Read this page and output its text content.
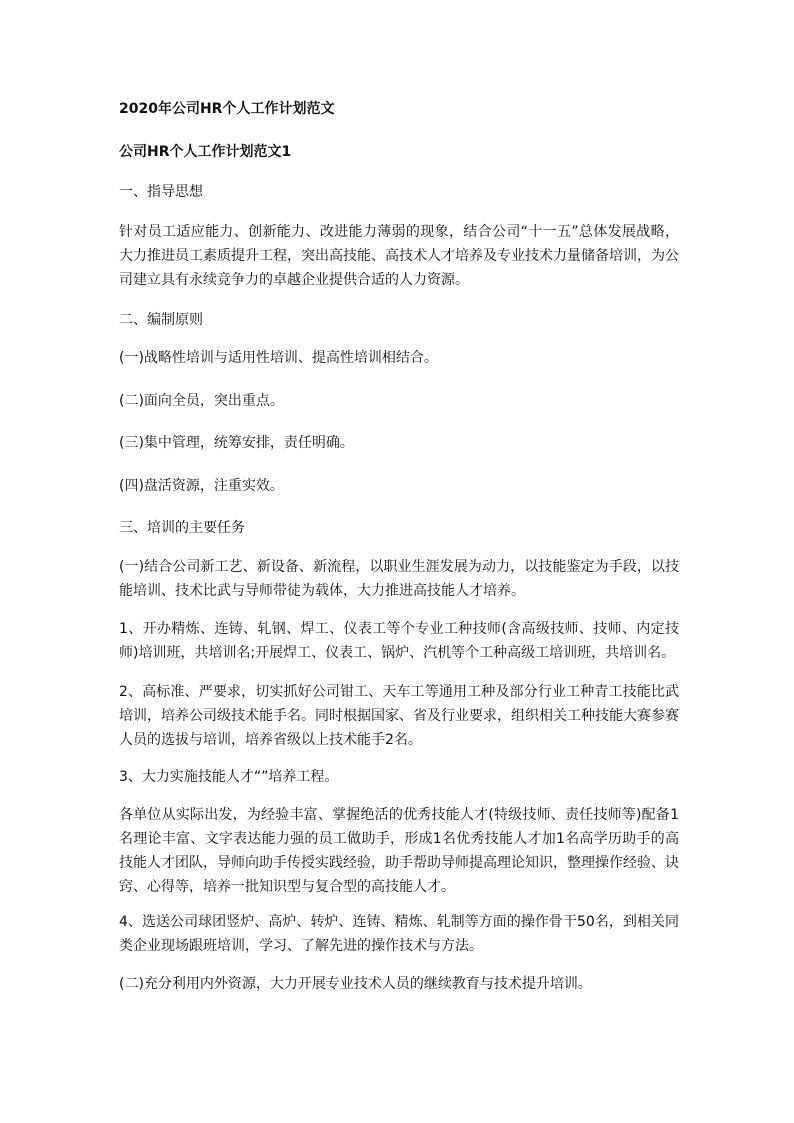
2020年公司HR个人工作计划范文
公司HR个人工作计划范文1
一、指导思想
针对员工适应能力、创新能力、改进能力薄弱的现象，结合公司“十一五”总体发展战略，大力推进员工素质提升工程，突出高技能、高技术人才培养及专业技术力量储备培训，为公司建立具有永续竞争力的卓越企业提供合适的人力资源。
二、编制原则
(一)战略性培训与适用性培训、提高性培训相结合。
(二)面向全员，突出重点。
(三)集中管理，统筹安排，责任明确。
(四)盘活资源，注重实效。
三、培训的主要任务
(一)结合公司新工艺、新设备、新流程，以职业生涯发展为动力，以技能鉴定为手段，以技能培训、技术比武与导师带徒为载体，大力推进高技能人才培养。
1、开办精炼、连铸、轧钢、焊工、仪表工等个专业工种技师(含高级技师、技师、内定技师)培训班，共培训名;开展焊工、仪表工、锅炉、汽机等个工种高级工培训班，共培训名。
2、高标准、严要求，切实抓好公司钳工、天车工等通用工种及部分行业工种青工技能比武培训，培养公司级技术能手名。同时根据国家、省及行业要求，组织相关工种技能大赛参赛人员的选拔与培训，培养省级以上技术能手2名。
3、大力实施技能人才“”培养工程。
各单位从实际出发，为经验丰富、掌握绝活的优秀技能人才(特级技师、责任技师等)配备1名理论丰富、文字表达能力强的员工做助手，形成1名优秀技能人才加1名高学历助手的高技能人才团队，导师向助手传授实践经验，助手帮助导师提高理论知识，整理操作经验、诀窍、心得等，培养一批知识型与复合型的高技能人才。
4、选送公司球团竖炉、高炉、转炉、连铸、精炼、轧制等方面的操作骨干50名，到相关同类企业现场跟班培训，学习、了解先进的操作技术与方法。
(二)充分利用内外资源，大力开展专业技术人员的继续教育与技术提升培训。
